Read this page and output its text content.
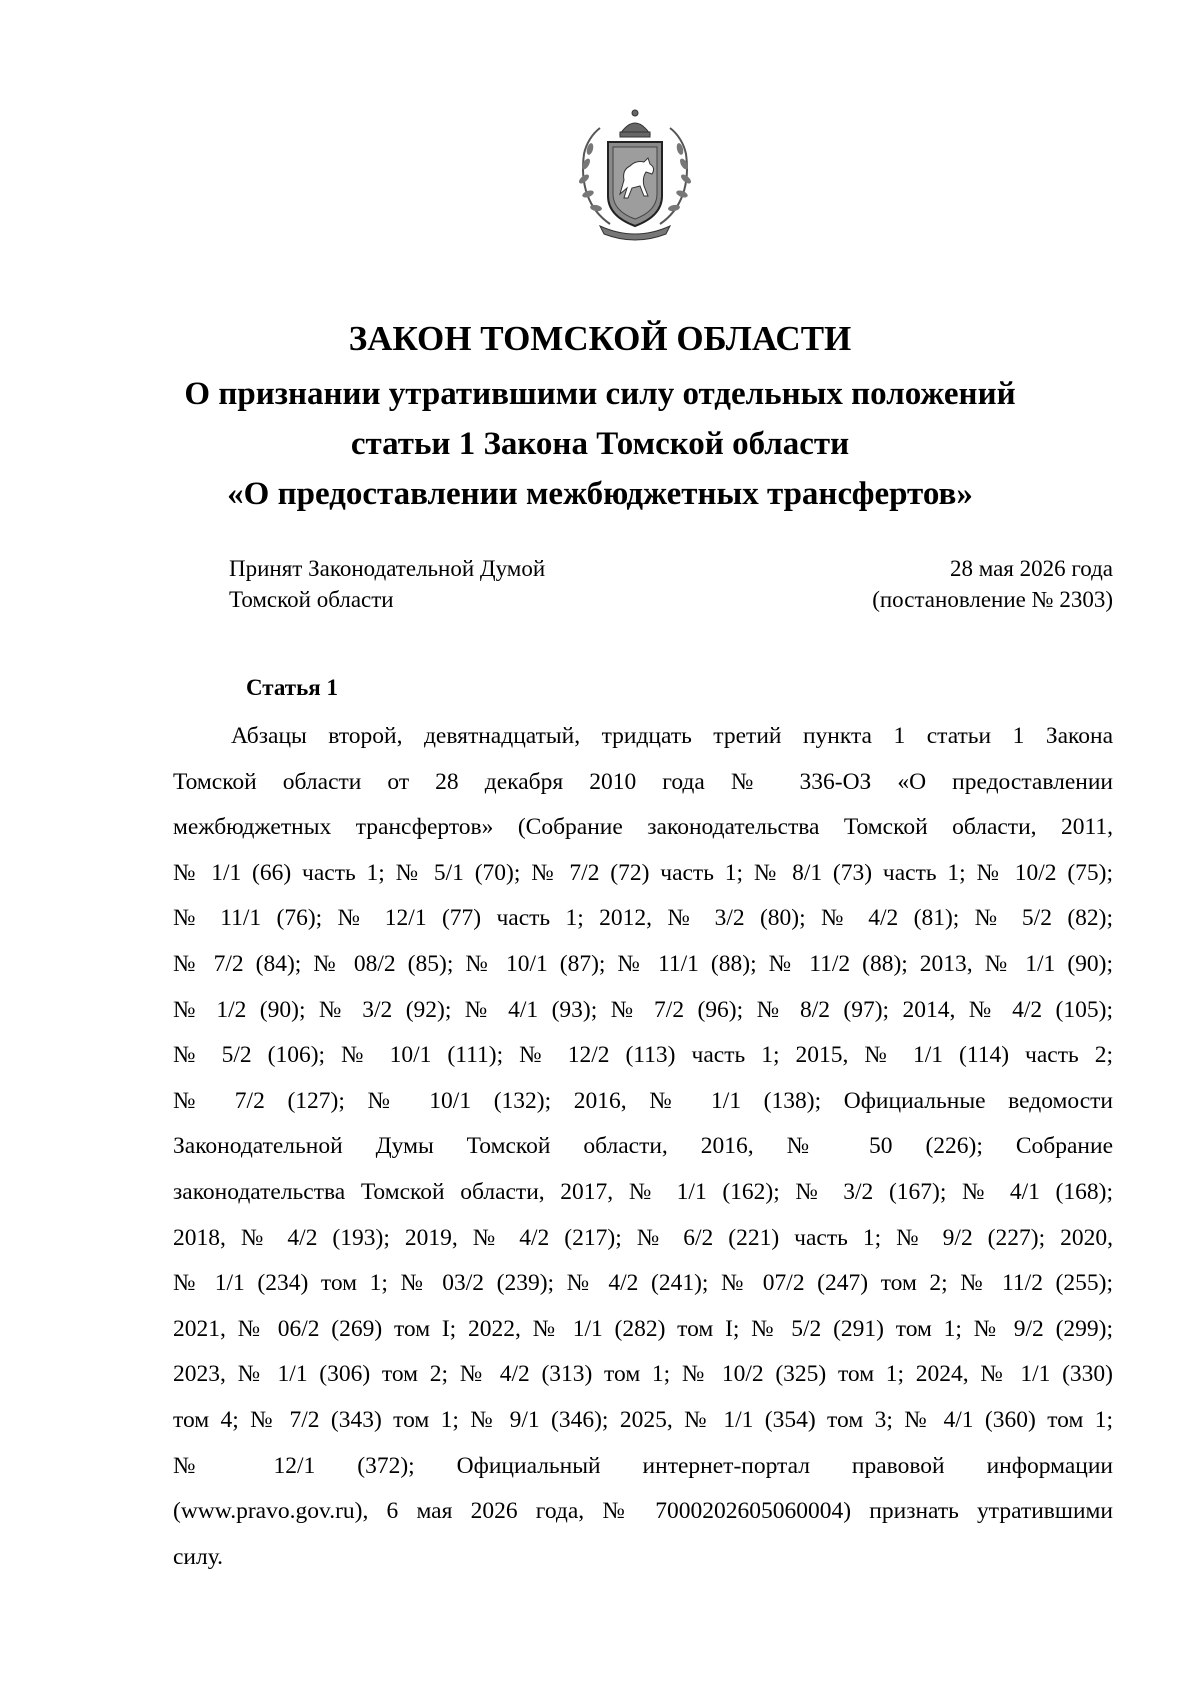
ЗАКОН ТОМСКОЙ ОБЛАСТИ
О признании утратившими силу отдельных положений
статьи 1 Закона Томской области
«О предоставлении межбюджетных трансфертов»
Принят Законодательной Думой
Томской области
28 мая 2026 года
(постановление № 2303)
Статья 1
Абзацы второй, девятнадцатый, тридцать третий пункта 1 статьи 1 Закона
Томской области от 28 декабря 2010 года № 336-ОЗ «О предоставлении
межбюджетных трансфертов» (Собрание законодательства Томской области, 2011,
№ 1/1 (66) часть 1; № 5/1 (70); № 7/2 (72) часть 1; № 8/1 (73) часть 1; № 10/2 (75);
№ 11/1 (76); № 12/1 (77) часть 1; 2012, № 3/2 (80); № 4/2 (81); № 5/2 (82);
№ 7/2 (84); № 08/2 (85); № 10/1 (87); № 11/1 (88); № 11/2 (88); 2013, № 1/1 (90);
№ 1/2 (90); № 3/2 (92); № 4/1 (93); № 7/2 (96); № 8/2 (97); 2014, № 4/2 (105);
№ 5/2 (106); № 10/1 (111); № 12/2 (113) часть 1; 2015, № 1/1 (114) часть 2;
№ 7/2 (127); № 10/1 (132); 2016, № 1/1 (138); Официальные ведомости
Законодательной Думы Томской области, 2016, № 50 (226); Собрание
законодательства Томской области, 2017, № 1/1 (162); № 3/2 (167); № 4/1 (168);
2018, № 4/2 (193); 2019, № 4/2 (217); № 6/2 (221) часть 1; № 9/2 (227); 2020,
№ 1/1 (234) том 1; № 03/2 (239); № 4/2 (241); № 07/2 (247) том 2; № 11/2 (255);
2021, № 06/2 (269) том I; 2022, № 1/1 (282) том I; № 5/2 (291) том 1; № 9/2 (299);
2023, № 1/1 (306) том 2; № 4/2 (313) том 1; № 10/2 (325) том 1; 2024, № 1/1 (330)
том 4; № 7/2 (343) том 1; № 9/1 (346); 2025, № 1/1 (354) том 3; № 4/1 (360) том 1;
№ 12/1 (372); Официальный интернет-портал правовой информации
(www.pravo.gov.ru), 6 мая 2026 года, № 7000202605060004) признать утратившими
силу.
